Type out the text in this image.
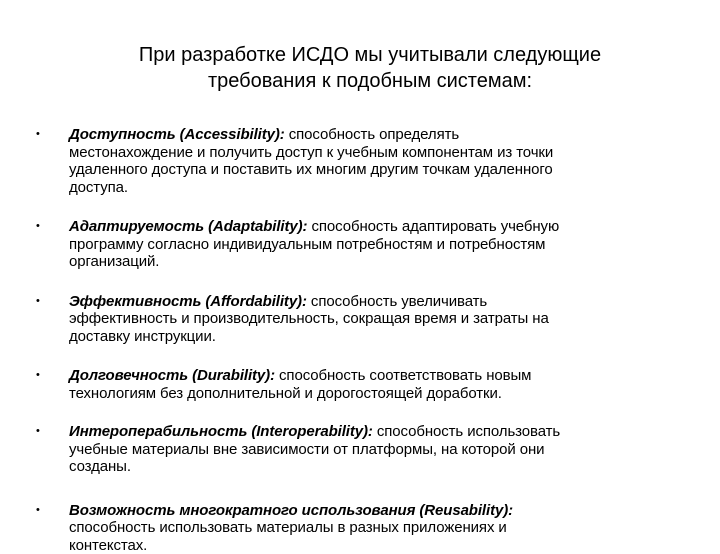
При разработке ИСДО мы учитывали следующие
требования к подобным системам:
• Доступность (Accessibility): способность определять
местонахождение и получить доступ к учебным компонентам из точки
удаленного доступа и поставить их многим другим точкам удаленного
доступа.
• Адаптируемость (Adaptability): способность адаптировать учебную
программу согласно индивидуальным потребностям и потребностям
организаций.
• Эффективность (Affordability): способность увеличивать
эффективность и производительность, сокращая время и затраты на
доставку инструкции.
• Долговечность (Durability): способность соответствовать новым
технологиям без дополнительной и дорогостоящей доработки.
• Интероперабильность (Interoperability): способность использовать
учебные материалы вне зависимости от платформы, на которой они
созданы.
• Возможность многократного использования (Reusability):
способность использовать материалы в разных приложениях и
контекстах.
